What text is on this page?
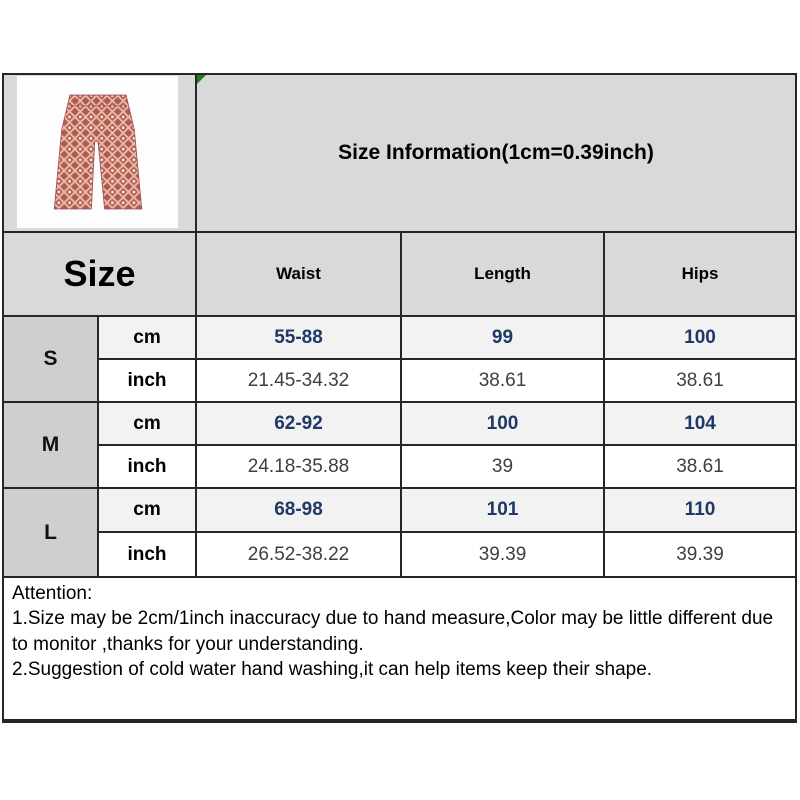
Size Information(1cm=0.39inch)
Size	Waist	Length	Hips
S
cm	55-88	99	100
inch	21.45-34.32	38.61	38.61
M
cm	62-92	100	104
inch	24.18-35.88	39	38.61
L
cm	68-98	101	110
inch	26.52-38.22	39.39	39.39
Attention:
1.Size may be 2cm/1inch inaccuracy due to hand measure,Color may be little different due to monitor ,thanks for your understanding.
2.Suggestion of cold water hand washing,it can help items keep their shape.
